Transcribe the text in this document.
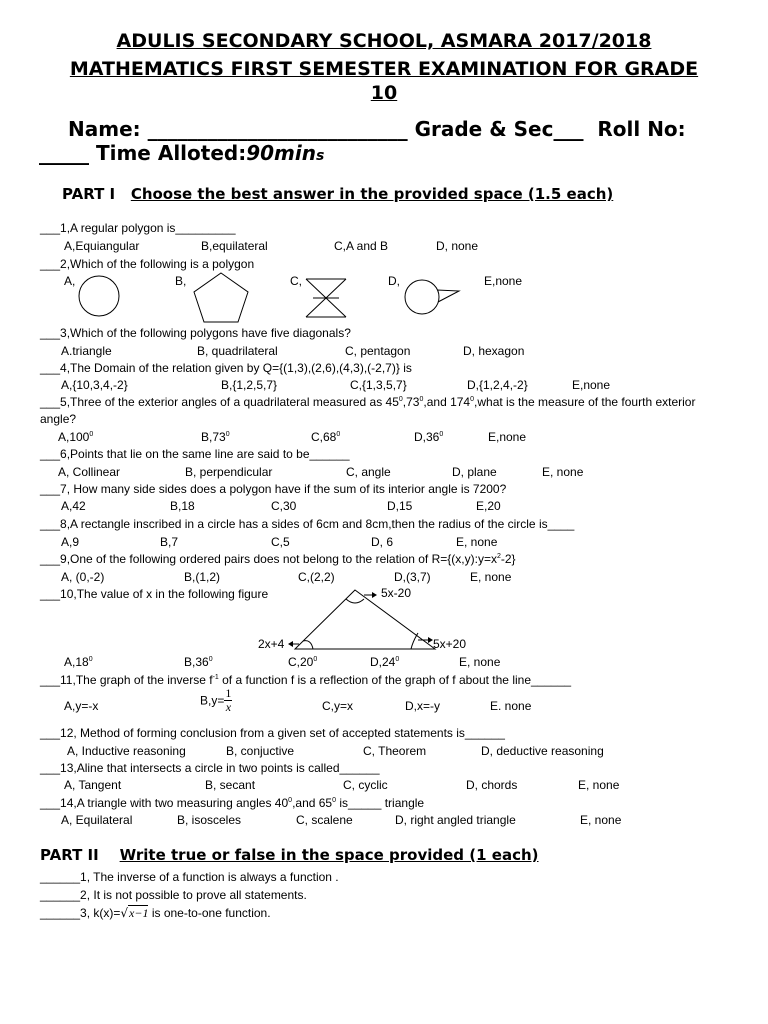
ADULIS SECONDARY SCHOOL, ASMARA 2017/2018
MATHEMATICS FIRST SEMESTER EXAMINATION FOR GRADE
10
Name: __________________________ Grade & Sec___ Roll No:
_____ Time Alloted:90mins
PART I Choose the best answer in the provided space (1.5 each)
___1,A regular polygon is_________
A,Equiangular	B,equilateral	C,A and B	D, none
___2,Which of the following is a polygon
A,	B,	C,	D,	E,none
___3,Which of the following polygons have five diagonals?
A.triangle	B, quadrilateral	C, pentagon	D, hexagon
___4,The Domain of the relation given by Q={(1,3),(2,6),(4,3),(-2,7)} is
A,{10,3,4,-2}	B,{1,2,5,7}	C,{1,3,5,7}	D,{1,2,4,-2}	E,none
___5,Three of the exterior angles of a quadrilateral measured as $45^0,73^0,and$ $174^0,what$ is the measure of the fourth exterior
angle?
A,100$^0$	$B,73^0$	$C,68^0$	$D,36^0$	E,none
___6,Points that lie on the same line are said to be______
A, Collinear	B, perpendicular	C, angle	D, plane	E, none
___7, How many side sides does a polygon have if the sum of its interior angle is 7200?
A,42	B,18	C,30	D,15	E,20
___8,A rectangle inscribed in a circle has a sides of 6cm and 8cm,then the radius of the circle is____
A,9	B,7	C,5	D, 6	E, none
___9,One of the following ordered pairs does not belong to the relation of $R=\{(x,y):y=x^2-2\}$
A, (0,-2)	B,(1,2)	C,(2,2)	D,(3,7)	E, none
___10,The value of x in the following figure	5x-20
2x+4	5x+20
$A,18^0$	$B,36^0$	$C,20^0$	$D,24^0$	E, none
___11,The graph of the inverse $f^{-1}$ of a function f is a reflection of the graph of f about the line______
A,y=-x	$B,y= \frac{1}{x}$	C,y=x	D,x=-y	E. none
___12, Method of forming conclusion from a given set of accepted statements is______
A, Inductive reasoning	B, conjuctive	C, Theorem	D, deductive reasoning
___13,Aline that intersects a circle in two points is called______
A, Tangent	B, secant	C, cyclic	D, chords	E, none
___14,A triangle with two measuring angles $40^0,and$ $65^0$ is_____ triangle
A, Equilateral	B, isosceles	C, scalene	D, right angled triangle	E, none
PART II Write true or false in the space provided (1 each)
______1, The inverse of a function is always a function .
______2, It is not possible to prove all statements.
______3, k(x)=√x−1 is one-to-one function.
